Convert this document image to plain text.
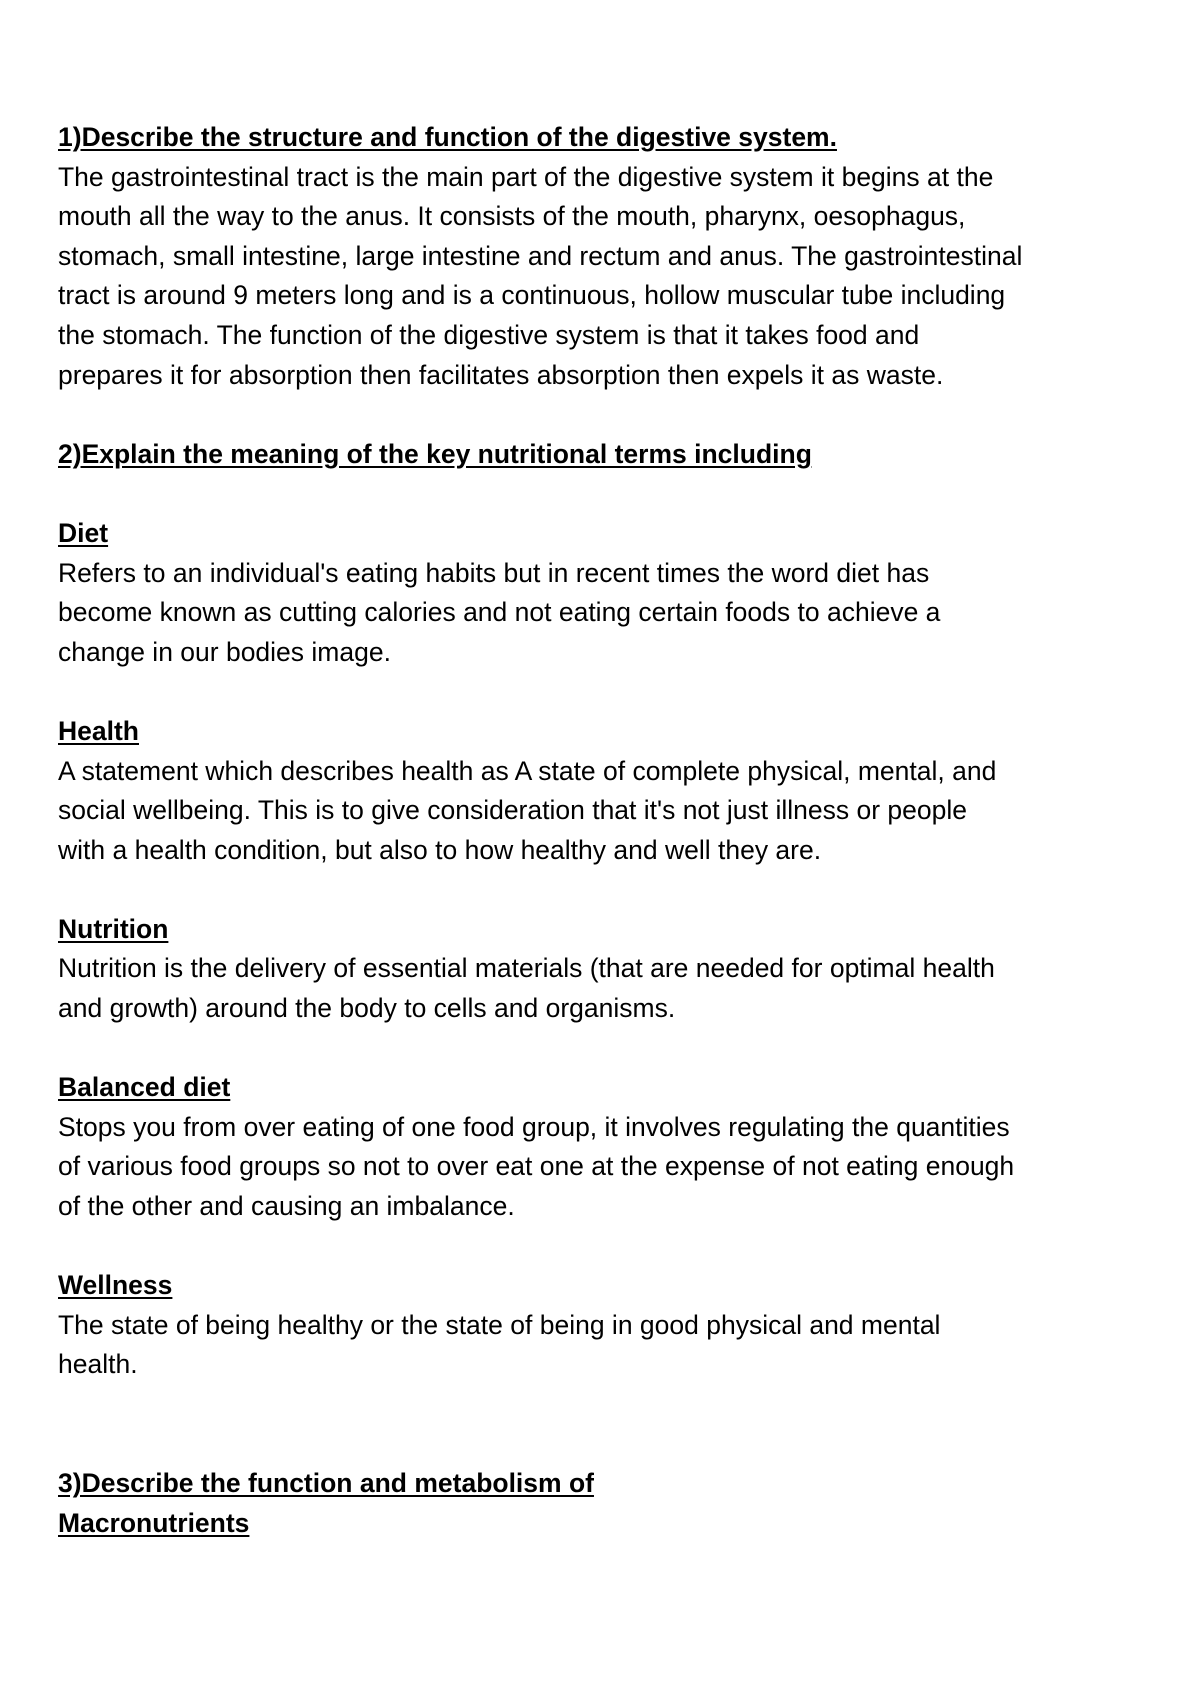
1)Describe the structure and function of the digestive system.

The gastrointestinal tract is the main part of the digestive system it begins at the
mouth all the way to the anus. It consists of the mouth, pharynx, oesophagus,
stomach, small intestine, large intestine and rectum and anus. The gastrointestinal
tract is around 9 meters long and is a continuous, hollow muscular tube including
the stomach. The function of the digestive system is that it takes food and
prepares it for absorption then facilitates absorption then expels it as waste.

2)Explain the meaning of the key nutritional terms including

Diet

Refers to an individual's eating habits but in recent times the word diet has
become known as cutting calories and not eating certain foods to achieve a
change in our bodies image.

Health

A statement which describes health as A state of complete physical, mental, and
social wellbeing. This is to give consideration that it's not just illness or people
with a health condition, but also to how healthy and well they are.

Nutrition

Nutrition is the delivery of essential materials (that are needed for optimal health
and growth) around the body to cells and organisms.

Balanced diet

Stops you from over eating of one food group, it involves regulating the quantities
of various food groups so not to over eat one at the expense of not eating enough
of the other and causing an imbalance.

Wellness

The state of being healthy or the state of being in good physical and mental
health.

3)Describe the function and metabolism of
Macronutrients
